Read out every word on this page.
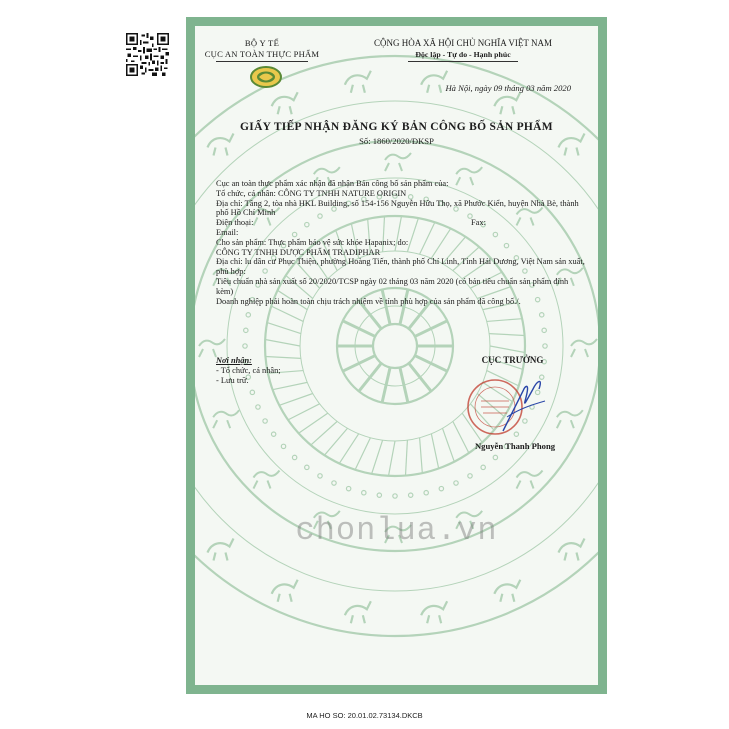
BỘ Y TẾ
CỤC AN TOÀN THỰC PHẨM
CỘNG HÒA XÃ HỘI CHỦ NGHĨA VIỆT NAM
Độc lập - Tự do - Hạnh phúc
Hà Nội, ngày 09 tháng 03 năm 2020
GIẤY TIẾP NHẬN ĐĂNG KÝ BẢN CÔNG BỐ SẢN PHẨM
Số: 1860/2020/ĐKSP
Cục an toàn thực phẩm xác nhận đã nhận Bản công bố sản phẩm của:
Tổ chức, cá nhân: CÔNG TY TNHH NATURE ORIGIN
Địa chỉ: Tầng 2, tòa nhà HKL Building, số 154-156 Nguyễn Hữu Thọ, xã Phước Kiển, huyện Nhà Bè, thành phố Hồ Chí Minh
Điện thoại:	Fax:
Email:
Cho sản phẩm: Thực phẩm bảo vệ sức khỏe Hapanix; do:
CÔNG TY TNHH DƯỢC PHẨM TRADIPHAR
Địa chỉ: lu dân cư Phục Thiện, phường Hoàng Tiến, thành phố Chí Linh, Tỉnh Hải Dương, Việt Nam sản xuất, phù hợp:
Tiêu chuẩn nhà sản xuất số 20/2020/TCSP ngày 02 tháng 03 năm 2020 (có bản tiêu chuẩn sản phẩm đính kèm)
Doanh nghiệp phải hoàn toàn chịu trách nhiệm về tính phù hợp của sản phẩm đã công bố./.
Nơi nhận:
- Tổ chức, cá nhân;
- Lưu trữ.
CỤC TRƯỞNG
Nguyễn Thanh Phong
chonlua.vn
MA HO SO: 20.01.02.73134.DKCB
